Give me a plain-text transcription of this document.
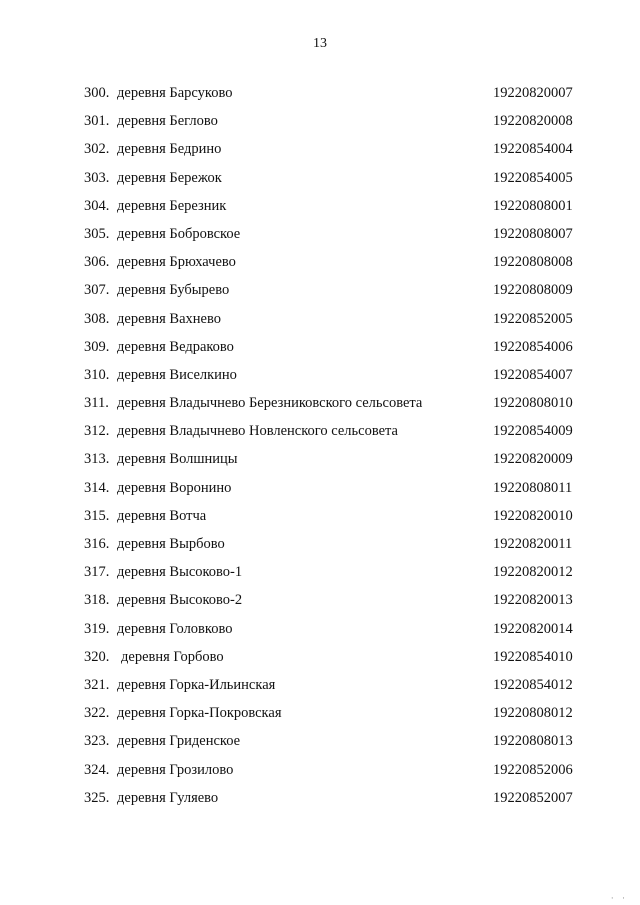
13
300. деревня Барсуково	19220820007
301. деревня Беглово	19220820008
302. деревня Бедрино	19220854004
303. деревня Бережок	19220854005
304. деревня Березник	19220808001
305. деревня Бобровское	19220808007
306. деревня Брюхачево	19220808008
307. деревня Бубырево	19220808009
308. деревня Вахнево	19220852005
309. деревня Ведраково	19220854006
310. деревня Виселкино	19220854007
311. деревня Владычнево Березниковского сельсовета	19220808010
312. деревня Владычнево Новленского сельсовета	19220854009
313. деревня Волшницы	19220820009
314. деревня Воронино	19220808011
315. деревня Вотча	19220820010
316. деревня Вырбово	19220820011
317. деревня Высоково-1	19220820012
318. деревня Высоково-2	19220820013
319. деревня Головково	19220820014
320. деревня Горбово	19220854010
321. деревня Горка-Ильинская	19220854012
322. деревня Горка-Покровская	19220808012
323. деревня Гриденское	19220808013
324. деревня Грозилово	19220852006
325. деревня Гуляево	19220852007
· ·
